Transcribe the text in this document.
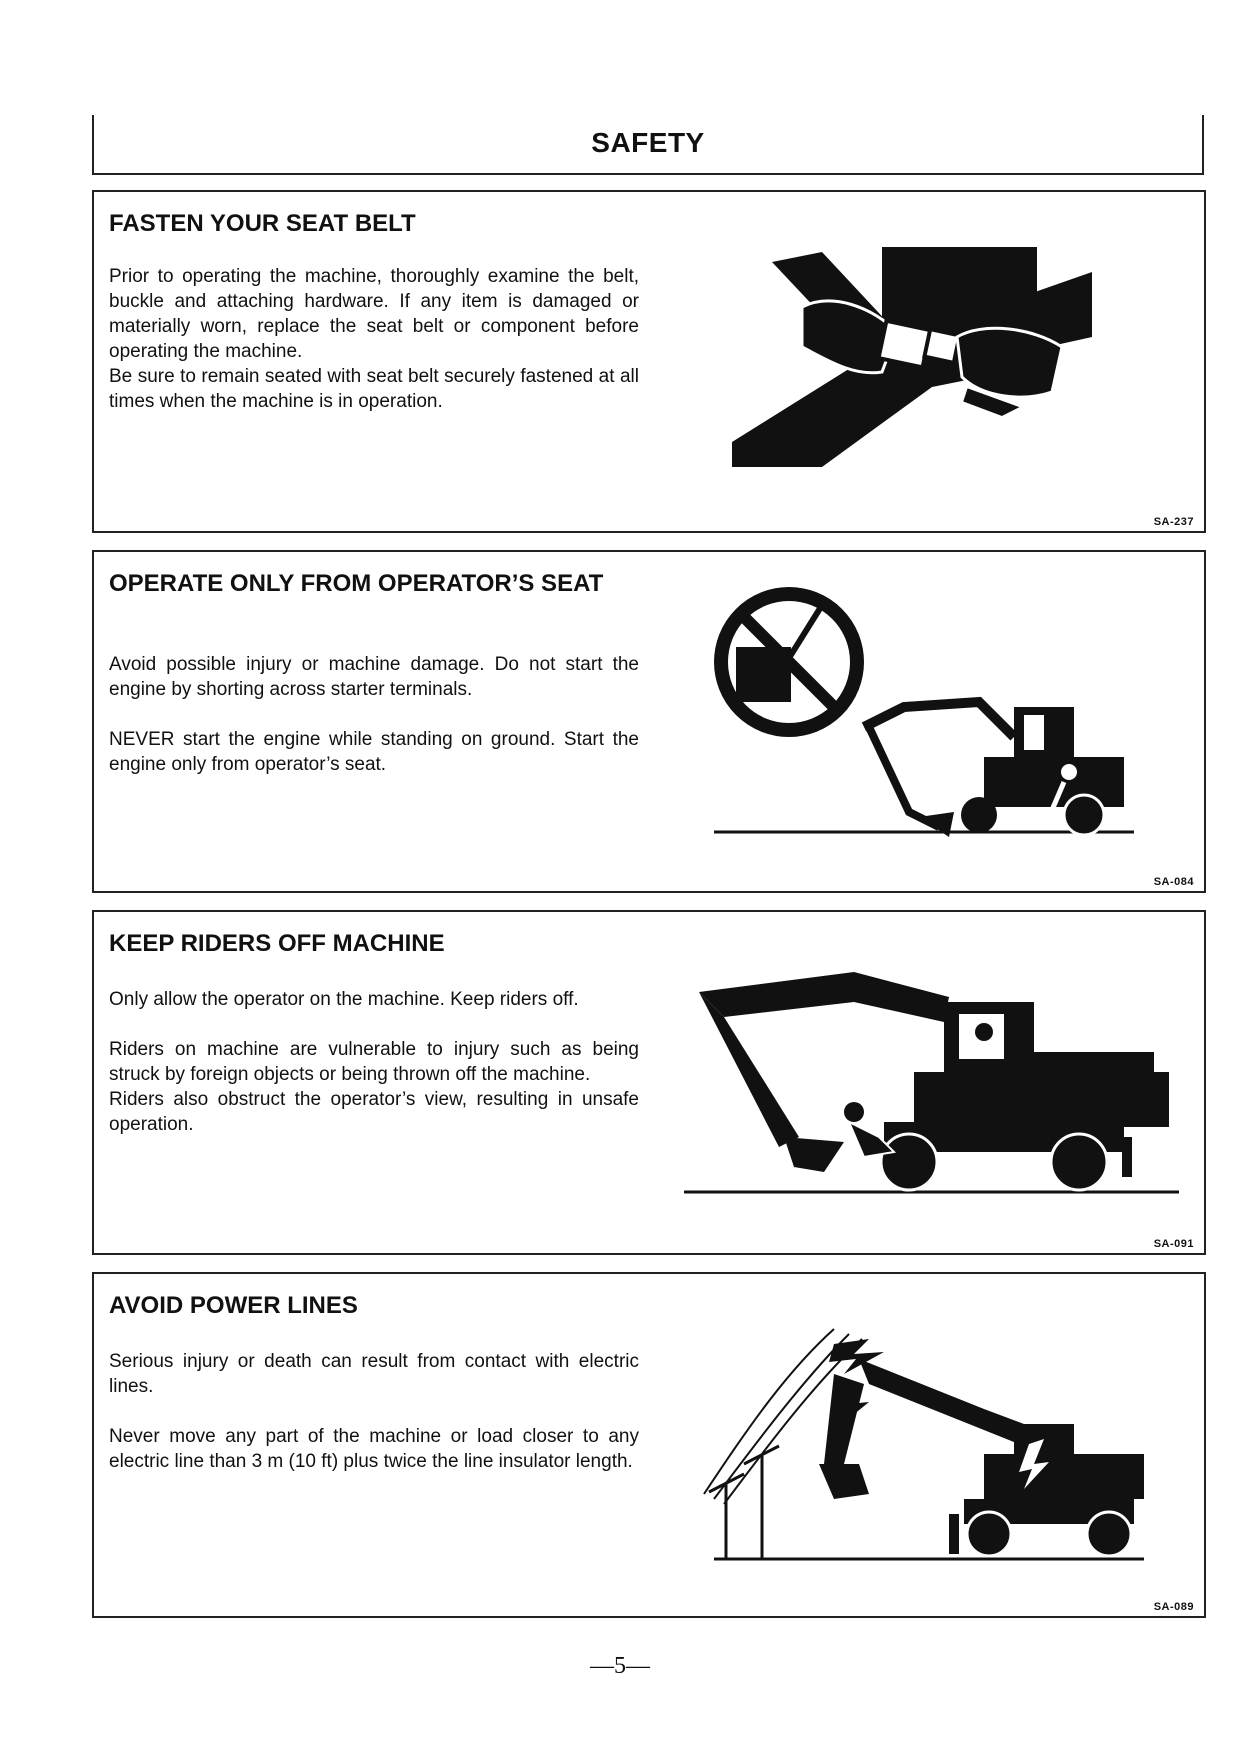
SAFETY
FASTEN YOUR SEAT BELT

Prior to operating the machine, thoroughly examine the belt, buckle and attaching hardware. If any item is damaged or materially worn, replace the seat belt or component before operating the machine.

Be sure to remain seated with seat belt securely fastened at all times when the machine is in operation.

SA-237
OPERATE ONLY FROM OPERATOR’S SEAT

Avoid possible injury or machine damage. Do not start the engine by shorting across starter terminals.

NEVER start the engine while standing on ground. Start the engine only from operator’s seat.

SA-084
KEEP RIDERS OFF MACHINE

Only allow the operator on the machine. Keep riders off.

Riders on machine are vulnerable to injury such as being struck by foreign objects or being thrown off the machine.

Riders also obstruct the operator’s view, resulting in unsafe operation.

SA-091
AVOID POWER LINES

Serious injury or death can result from contact with electric lines.

Never move any part of the machine or load closer to any electric line than 3 m (10 ft) plus twice the line insulator length.

SA-089
—5—
